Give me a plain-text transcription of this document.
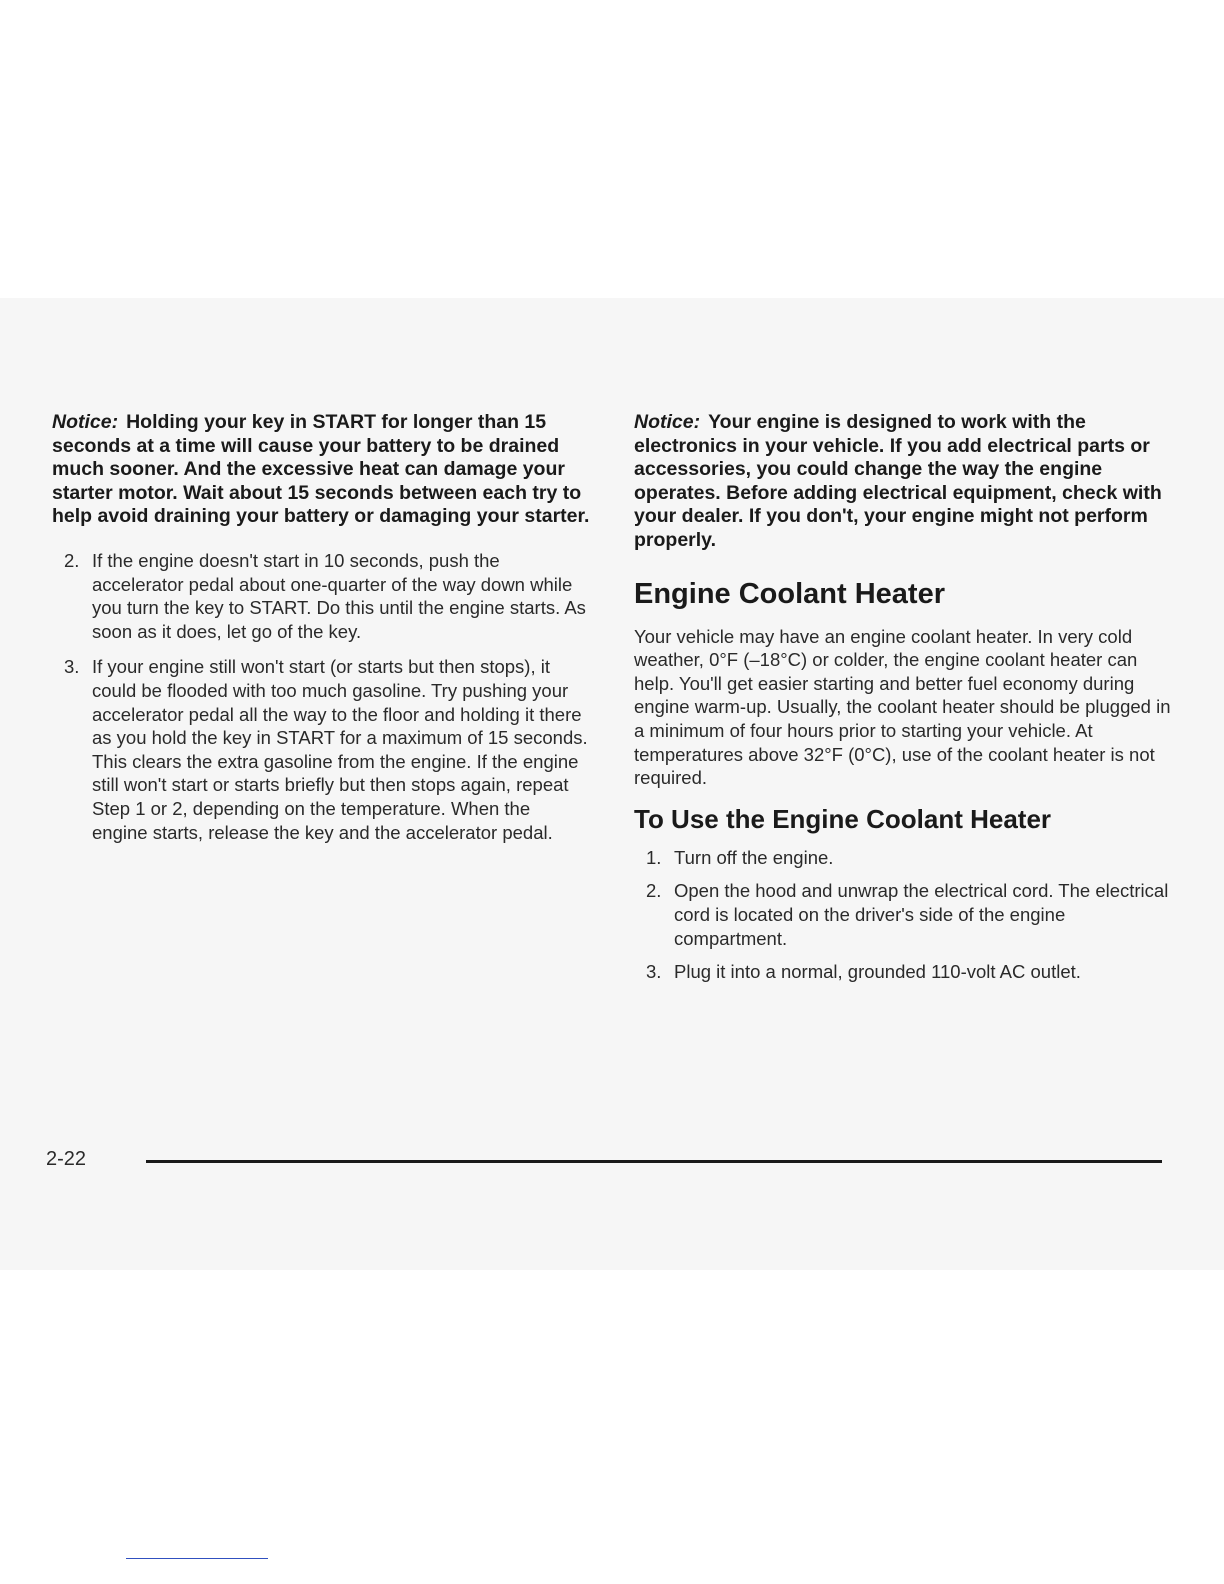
Notice: Holding your key in START for longer than 15 seconds at a time will cause your battery to be drained much sooner. And the excessive heat can damage your starter motor. Wait about 15 seconds between each try to help avoid draining your battery or damaging your starter.

2. If the engine doesn't start in 10 seconds, push the accelerator pedal about one-quarter of the way down while you turn the key to START. Do this until the engine starts. As soon as it does, let go of the key.
3. If your engine still won't start (or starts but then stops), it could be flooded with too much gasoline. Try pushing your accelerator pedal all the way to the floor and holding it there as you hold the key in START for a maximum of 15 seconds. This clears the extra gasoline from the engine. If the engine still won't start or starts briefly but then stops again, repeat Step 1 or 2, depending on the temperature. When the engine starts, release the key and the accelerator pedal.

Notice: Your engine is designed to work with the electronics in your vehicle. If you add electrical parts or accessories, you could change the way the engine operates. Before adding electrical equipment, check with your dealer. If you don't, your engine might not perform properly.

Engine Coolant Heater

Your vehicle may have an engine coolant heater. In very cold weather, 0°F (–18°C) or colder, the engine coolant heater can help. You'll get easier starting and better fuel economy during engine warm-up. Usually, the coolant heater should be plugged in a minimum of four hours prior to starting your vehicle. At temperatures above 32°F (0°C), use of the coolant heater is not required.

To Use the Engine Coolant Heater
1. Turn off the engine.
2. Open the hood and unwrap the electrical cord. The electrical cord is located on the driver's side of the engine compartment.
3. Plug it into a normal, grounded 110-volt AC outlet.
2-22
